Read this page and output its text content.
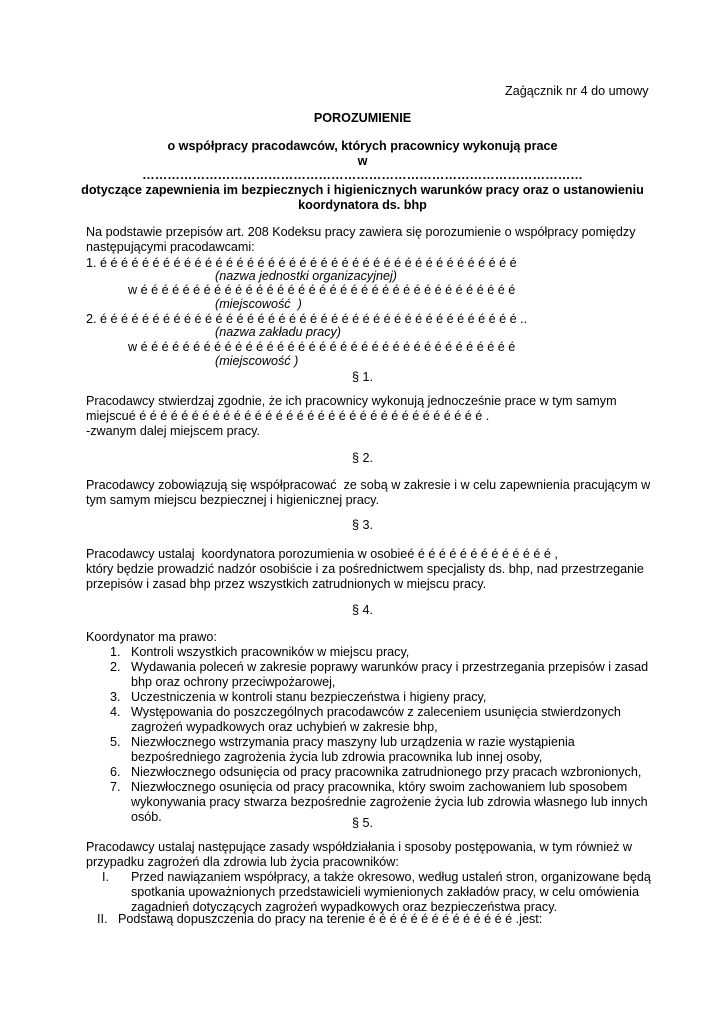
Zaģącznik nr 4 do umowy
POROZUMIENIE
o współpracy pracodawców, których pracownicy wykonują prace
w
……………………………………………………………………………………………
dotyczące zapewnienia im bezpiecznych i higienicznych warunków pracy oraz o ustanowieniu
koordynatora ds. bhp
Na podstawie przepisów art. 208 Kodeksu pracy zawiera się porozumienie o współpracy pomiędzy
następującymi pracodawcami:
1. é é é é é é é é é é é é é é é é é é é é é é é é é é é é é é é é é é é é é é é é
(nazwa jednostki organizacyjnej)
w é é é é é é é é é é é é é é é é é é é é é é é é é é é é é é é é é é é é
(miejscowość  )
2. é é é é é é é é é é é é é é é é é é é é é é é é é é é é é é é é é é é é é é é é ..
(nazwa zakładu pracy)
w é é é é é é é é é é é é é é é é é é é é é é é é é é é é é é é é é é é é
(miejscowość )
§ 1.
Pracodawcy stwierdzaj zgodnie, że ich pracownicy wykonują jednocześnie prace w tym samym
miejscué é é é é é é é é é é é é é é é é é é é é é é é é é é é é é é é é é .
-zwanym dalej miejscem pracy.
§ 2.
Pracodawcy zobowiązują się współpracować  ze sobą w zakresie i w celu zapewnienia pracującym w
tym samym miejscu bezpiecznej i higienicznej pracy.
§ 3.
Pracodawcy ustalaj  koordynatora porozumienia w osobieé é é é é é é é é é é é é é ,
który będzie prowadzić nadzór osobiście i za pośrednictwem specjalisty ds. bhp, nad przestrzeganie
przepisów i zasad bhp przez wszystkich zatrudnionych w miejscu pracy.
§ 4.
Koordynator ma prawo:
1. Kontroli wszystkich pracowników w miejscu pracy,
2. Wydawania poleceń w zakresie poprawy warunków pracy i przestrzegania przepisów i zasad
bhp oraz ochrony przeciwpożarowej,
3. Uczestniczenia w kontroli stanu bezpieczeństwa i higieny pracy,
4. Występowania do poszczególnych pracodawców z zaleceniem usunięcia stwierdzonych
zagrożeń wypadkowych oraz uchybień w zakresie bhp,
5. Niezwłocznego wstrzymania pracy maszyny lub urządzenia w razie wystąpienia
bezpośredniego zagrożenia życia lub zdrowia pracownika lub innej osoby,
6. Niezwłocznego odsunięcia od pracy pracownika zatrudnionego przy pracach wzbronionych,
7. Niezwłocznego osunięcia od pracy pracownika, który swoim zachowaniem lub sposobem
wykonywania pracy stwarza bezpośrednie zagrożenie życia lub zdrowia własnego lub innych
osób.	§ 5.
Pracodawcy ustalaj następujące zasady współdziałania i sposoby postępowania, w tym również w
przypadku zagrożeń dla zdrowia lub życia pracowników:
I. Przed nawiązaniem współpracy, a także okresowo, według ustaleń stron, organizowane będą
spotkania upoważnionych przedstawicieli wymienionych zakładów pracy, w celu omówienia
zagadnień dotyczących zagrożeń wypadkowych oraz bezpieczeństwa pracy.
II. Podstawą dopuszczenia do pracy na terenie é é é é é é é é é é é é é é .jest:
